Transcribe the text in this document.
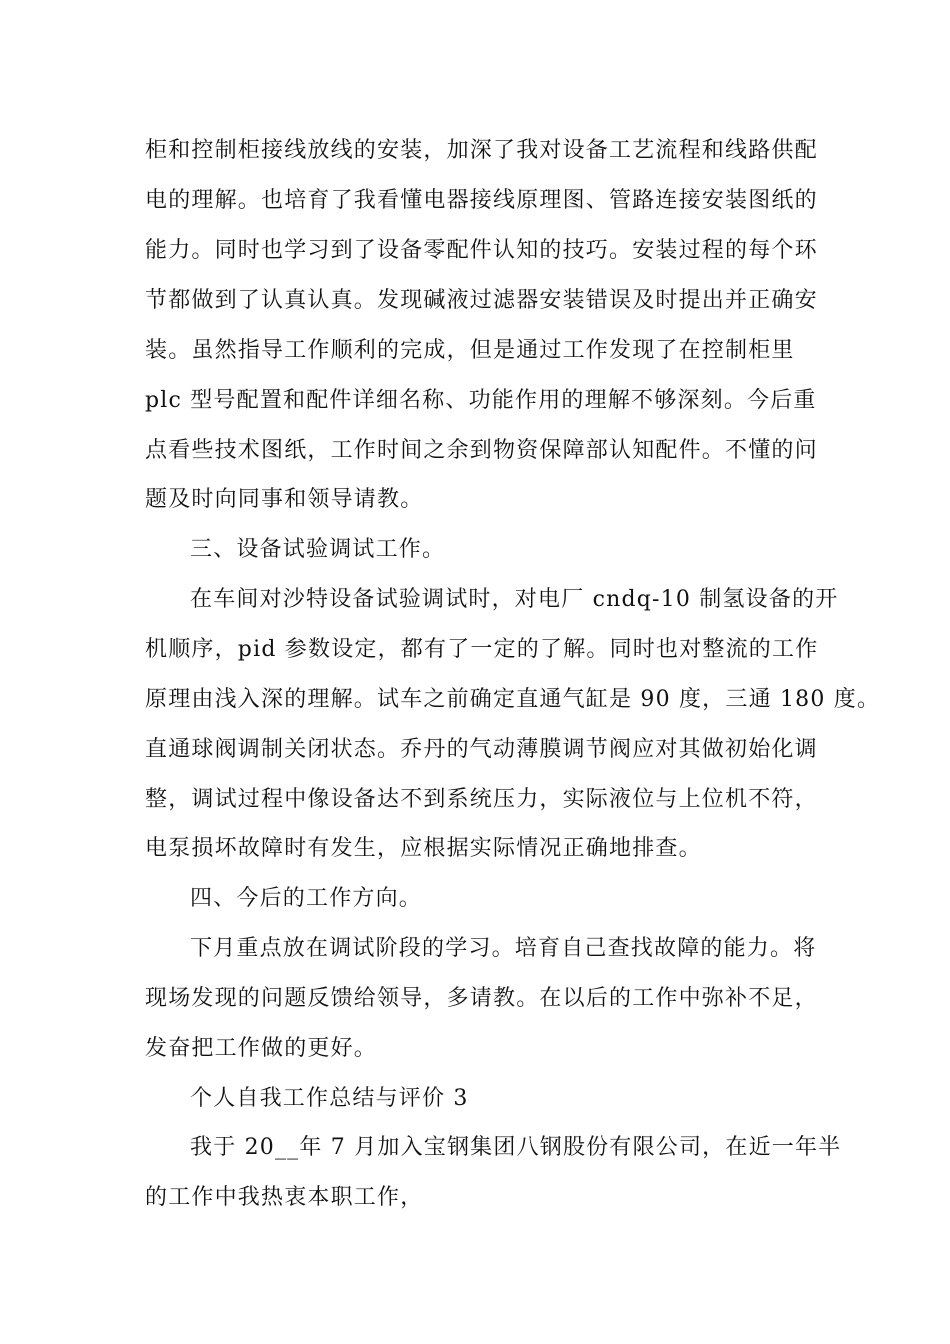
柜和控制柜接线放线的安装，加深了我对设备工艺流程和线路供配
电的理解。也培育了我看懂电器接线原理图、管路连接安装图纸的
能力。同时也学习到了设备零配件认知的技巧。安装过程的每个环
节都做到了认真认真。发现碱液过滤器安装错误及时提出并正确安
装。虽然指导工作顺利的完成，但是通过工作发现了在控制柜里
plc 型号配置和配件详细名称、功能作用的理解不够深刻。今后重
点看些技术图纸，工作时间之余到物资保障部认知配件。不懂的问
题及时向同事和领导请教。
三、设备试验调试工作。
在车间对沙特设备试验调试时，对电厂 cndq-10 制氢设备的开
机顺序，pid 参数设定，都有了一定的了解。同时也对整流的工作
原理由浅入深的理解。试车之前确定直通气缸是 90 度，三通 180 度。
直通球阀调制关闭状态。乔丹的气动薄膜调节阀应对其做初始化调
整，调试过程中像设备达不到系统压力，实际液位与上位机不符，
电泵损坏故障时有发生，应根据实际情况正确地排查。
四、今后的工作方向。
下月重点放在调试阶段的学习。培育自己查找故障的能力。将
现场发现的问题反馈给领导，多请教。在以后的工作中弥补不足，
发奋把工作做的更好。
个人自我工作总结与评价 3
我于 20__年 7 月加入宝钢集团八钢股份有限公司，在近一年半
的工作中我热衷本职工作，
